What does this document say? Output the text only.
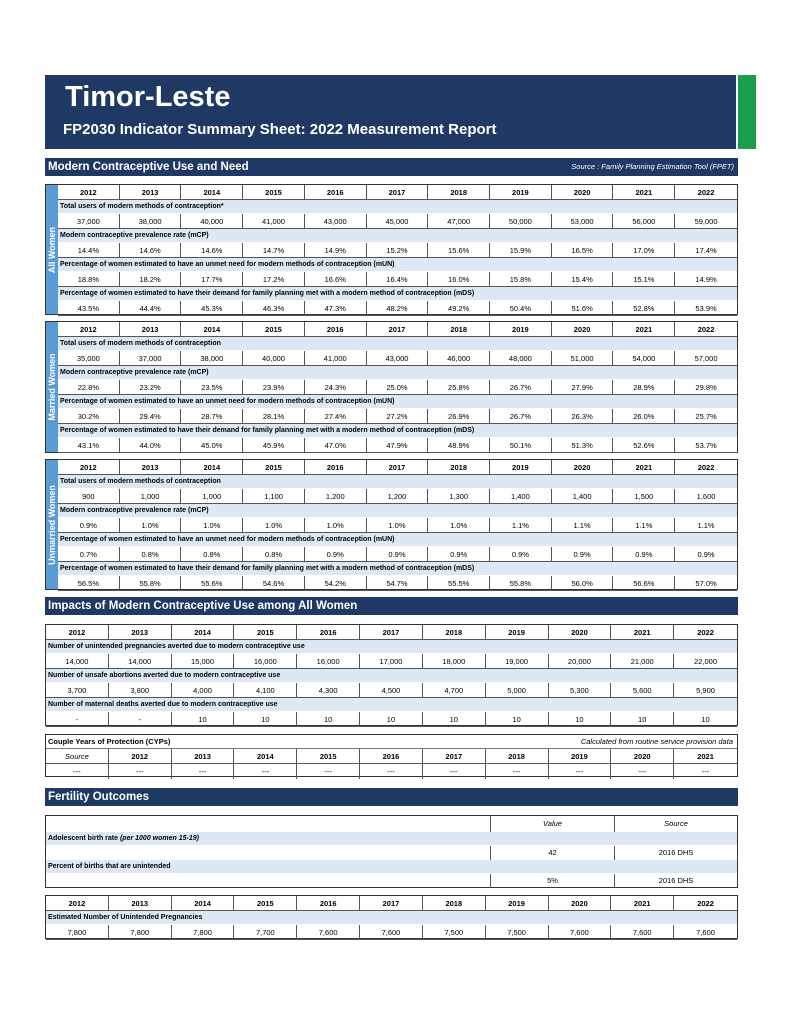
Timor-Leste
FP2030 Indicator Summary Sheet: 2022 Measurement Report
Modern Contraceptive Use and Need	Source : Family Planning Estimation Tool (FPET)
All Women
2012	2013	2014	2015	2016	2017	2018	2019	2020	2021	2022
Total users of modern methods of contraception*
37,000	38,000	40,000	41,000	43,000	45,000	47,000	50,000	53,000	56,000	59,000
Modern contraceptive prevalence rate (mCP)
14.4%	14.6%	14.6%	14.7%	14.9%	15.2%	15.6%	15.9%	16.5%	17.0%	17.4%
Percentage of women estimated to have an unmet need for modern methods of contraception (mUN)
18.8%	18.2%	17.7%	17.2%	16.6%	16.4%	16.0%	15.8%	15.4%	15.1%	14.9%
Percentage of women estimated to have their demand for family planning met with a modern method of contraception (mDS)
43.5%	44.4%	45.3%	46.3%	47.3%	48.2%	49.2%	50.4%	51.6%	52.8%	53.9%
Married Women
2012	2013	2014	2015	2016	2017	2018	2019	2020	2021	2022
Total users of modern methods of contraception
35,000	37,000	38,000	40,000	41,000	43,000	46,000	48,000	51,000	54,000	57,000
Modern contraceptive prevalence rate (mCP)
22.8%	23.2%	23.5%	23.9%	24.3%	25.0%	25.8%	26.7%	27.9%	28.9%	29.8%
Percentage of women estimated to have an unmet need for modern methods of contraception (mUN)
30.2%	29.4%	28.7%	28.1%	27.4%	27.2%	26.9%	26.7%	26.3%	26.0%	25.7%
Percentage of women estimated to have their demand for family planning met with a modern method of contraception (mDS)
43.1%	44.0%	45.0%	45.9%	47.0%	47.9%	48.9%	50.1%	51.3%	52.6%	53.7%
Unmarried Women
2012	2013	2014	2015	2016	2017	2018	2019	2020	2021	2022
Total users of modern methods of contraception
900	1,000	1,000	1,100	1,200	1,200	1,300	1,400	1,400	1,500	1,600
Modern contraceptive prevalence rate (mCP)
0.9%	1.0%	1.0%	1.0%	1.0%	1.0%	1.0%	1.1%	1.1%	1.1%	1.1%
Percentage of women estimated to have an unmet need for modern methods of contraception (mUN)
0.7%	0.8%	0.8%	0.8%	0.9%	0.9%	0.9%	0.9%	0.9%	0.9%	0.9%
Percentage of women estimated to have their demand for family planning met with a modern method of contraception (mDS)
56.5%	55.8%	55.6%	54.6%	54.2%	54.7%	55.5%	55.8%	56.0%	56.6%	57.0%
Impacts of Modern Contraceptive Use among All Women
2012	2013	2014	2015	2016	2017	2018	2019	2020	2021	2022
Number of unintended pregnancies averted due to modern contraceptive use
14,000	14,000	15,000	16,000	16,000	17,000	18,000	19,000	20,000	21,000	22,000
Number of unsafe abortions averted due to modern contraceptive use
3,700	3,800	4,000	4,100	4,300	4,500	4,700	5,000	5,300	5,600	5,900
Number of maternal deaths averted due to modern contraceptive use
-	-	10	10	10	10	10	10	10	10	10
Couple Years of Protection (CYPs)	Calculated from routine service provision data
Source	2012	2013	2014	2015	2016	2017	2018	2019	2020	2021
---	---	---	---	---	---	---	---	---	---	---
Fertility Outcomes
Value	Source
Adolescent birth rate (per 1000 women 15-19)
42	2016 DHS
Percent of births that are unintended
5%	2016 DHS
2012	2013	2014	2015	2016	2017	2018	2019	2020	2021	2022
Estimated Number of Unintended Pregnancies
7,800	7,800	7,800	7,700	7,600	7,600	7,500	7,500	7,600	7,600	7,600
